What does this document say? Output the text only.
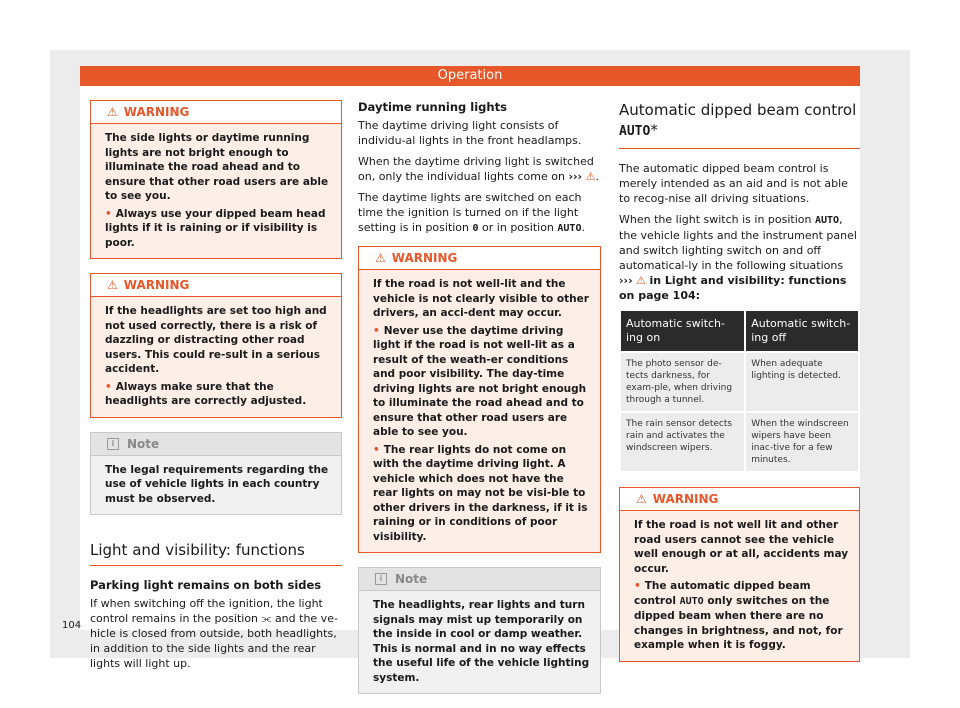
Operation
⚠ WARNING

The side lights or daytime running lights are not bright enough to illuminate the road ahead and to ensure that other road users are able to see you.

• Always use your dipped beam head lights if it is raining or if visibility is poor.

⚠ WARNING

If the headlights are set too high and not used correctly, there is a risk of dazzling or distracting other road users. This could re-sult in a serious accident.

• Always make sure that the headlights are correctly adjusted.

i	Note

The legal requirements regarding the use of vehicle lights in each country must be observed.

Light and visibility: functions

Parking light remains on both sides

If when switching off the ignition, the light control remains in the position ⫘ and the ve-hicle is closed from outside, both headlights, in addition to the side lights and the rear lights will light up.

Daytime running lights

The daytime driving light consists of individu-al lights in the front headlamps.

When the daytime driving light is switched on, only the individual lights come on ››› ⚠.

The daytime lights are switched on each time the ignition is turned on if the light setting is in position 0 or in position AUTO.

⚠ WARNING

If the road is not well-lit and the vehicle is not clearly visible to other drivers, an acci-dent may occur.

• Never use the daytime driving light if the road is not well-lit as a result of the weath-er conditions and poor visibility. The day-time driving lights are not bright enough to illuminate the road ahead and to ensure that other road users are able to see you.

• The rear lights do not come on with the daytime driving light. A vehicle which does not have the rear lights on may not be visi-ble to other drivers in the darkness, if it is raining or in conditions of poor visibility.

i	Note

The headlights, rear lights and turn signals may mist up temporarily on the inside in cool or damp weather. This is normal and in no way effects the useful life of the vehicle lighting system.

Automatic dipped beam control
AUTO*

The automatic dipped beam control is merely intended as an aid and is not able to recog-nise all driving situations.

When the light switch is in position AUTO, the vehicle lights and the instrument panel and switch lighting switch on and off automatical-ly in the following situations ››› ⚠ in Light and visibility: functions on page 104:

Automatic switch-ing on	Automatic switch-ing off
The photo sensor de-tects darkness, for exam-ple, when driving through a tunnel.	When adequate lighting is detected.
The rain sensor detects rain and activates the windscreen wipers.	When the windscreen wipers have been inac-tive for a few minutes.
⚠ WARNING

If the road is not well lit and other road users cannot see the vehicle well enough or at all, accidents may occur.

• The automatic dipped beam control AUTO only switches on the dipped beam when there are no changes in brightness, and not, for example when it is foggy.

104
